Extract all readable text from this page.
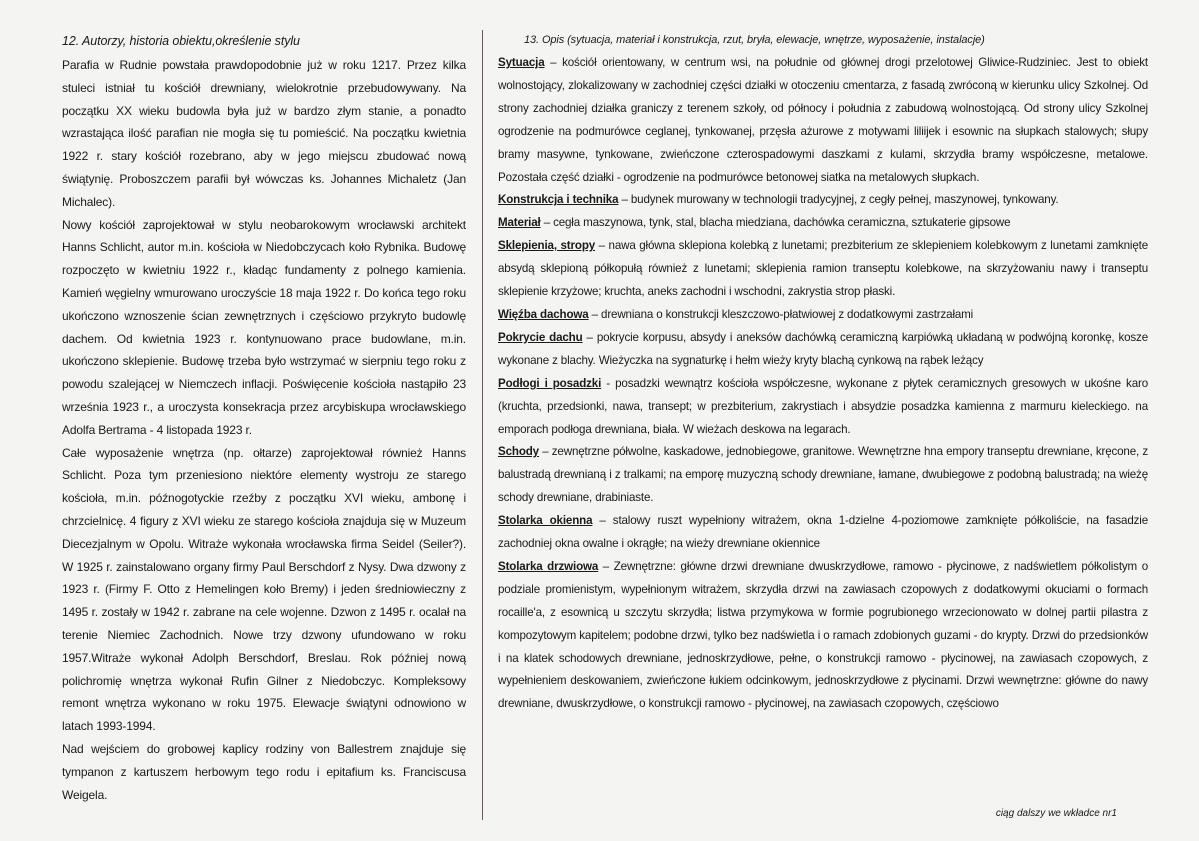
12. Autorzy, historia obiektu,określenie stylu

Parafia w Rudnie powstała prawdopodobnie już w roku 1217. Przez kilka stuleci istniał tu kościół drewniany, wielokrotnie przebudowywany. Na początku XX wieku budowla była już w bardzo złym stanie, a ponadto wzrastająca ilość parafian nie mogła się tu pomieścić. Na początku kwietnia 1922 r. stary kościół rozebrano, aby w jego miejscu zbudować nową świątynię. Proboszczem parafii był wówczas ks. Johannes Michaletz (Jan Michalec).

Nowy kościół zaprojektował w stylu neobarokowym wrocławski architekt Hanns Schlicht, autor m.in. kościoła w Niedobczycach koło Rybnika. Budowę rozpoczęto w kwietniu 1922 r., kładąc fundamenty z polnego kamienia. Kamień węgielny wmurowano uroczyście 18 maja 1922 r. Do końca tego roku ukończono wznoszenie ścian zewnętrznych i częściowo przykryto budowlę dachem. Od kwietnia 1923 r. kontynuowano prace budowlane, m.in. ukończono sklepienie. Budowę trzeba było wstrzymać w sierpniu tego roku z powodu szalejącej w Niemczech inflacji. Poświęcenie kościoła nastąpiło 23 września 1923 r., a uroczysta konsekracja przez arcybiskupa wrocławskiego Adolfa Bertrama - 4 listopada 1923 r.

Całe wyposażenie wnętrza (np. ołtarze) zaprojektował również Hanns Schlicht. Poza tym przeniesiono niektóre elementy wystroju ze starego kościoła, m.in. późnogotyckie rzeźby z początku XVI wieku, ambonę i chrzcielnicę. 4 figury z XVI wieku ze starego kościoła znajduja się w Muzeum Diecezjalnym w Opolu. Witraże wykonała wrocławska firma Seidel (Seiler?). W 1925 r. zainstalowano organy firmy Paul Berschdorf z Nysy. Dwa dzwony z 1923 r. (Firmy F. Otto z Hemelingen koło Bremy) i jeden średniowieczny z 1495 r. zostały w 1942 r. zabrane na cele wojenne. Dzwon z 1495 r. ocalał na terenie Niemiec Zachodnich. Nowe trzy dzwony ufundowano w roku 1957.Witraże wykonał Adolph Berschdorf, Breslau. Rok później nową polichromię wnętrza wykonał Rufin Gilner z Niedobczyc. Kompleksowy remont wnętrza wykonano w roku 1975. Elewacje świątyni odnowiono w latach 1993-1994.

Nad wejściem do grobowej kaplicy rodziny von Ballestrem znajduje się tympanon z kartuszem herbowym tego rodu i epitafium ks. Franciscusa Weigela.

13. Opis (sytuacja, materiał i konstrukcja, rzut, bryła, elewacje, wnętrze, wyposażenie, instalacje)

Sytuacja – kościół orientowany, w centrum wsi, na południe od głównej drogi przelotowej Gliwice-Rudziniec. Jest to obiekt wolnostojący, zlokalizowany w zachodniej części działki w otoczeniu cmentarza, z fasadą zwróconą w kierunku ulicy Szkolnej. Od strony zachodniej działka graniczy z terenem szkoły, od północy i południa z zabudową wolnostojącą. Od strony ulicy Szkolnej ogrodzenie na podmurówce ceglanej, tynkowanej, przęsła ażurowe z motywami liliijek i esownic na słupkach stalowych; słupy bramy masywne, tynkowane, zwieńczone czterospadowymi daszkami z kulami, skrzydła bramy współczesne, metalowe. Pozostała część działki - ogrodzenie na podmurówce betonowej siatka na metalowych słupkach.

Konstrukcja i technika – budynek murowany w technologii tradycyjnej, z cegły pełnej, maszynowej, tynkowany.

Materiał – cegła maszynowa, tynk, stal, blacha miedziana, dachówka ceramiczna, sztukaterie gipsowe

Sklepienia, stropy – nawa główna sklepiona kolebką z lunetami; prezbiterium ze sklepieniem kolebkowym z lunetami zamknięte absydą sklepioną półkopułą również z lunetami; sklepienia ramion transeptu kolebkowe, na skrzyżowaniu nawy i transeptu sklepienie krzyżowe; kruchta, aneks zachodni i wschodni, zakrystia strop płaski.

Więźba dachowa – drewniana o konstrukcji kleszczowo-płatwiowej z dodatkowymi zastrzałami

Pokrycie dachu – pokrycie korpusu, absydy i aneksów dachówką ceramiczną karpiówką układaną w podwójną koronkę, kosze wykonane z blachy. Wieżyczka na sygnaturkę i hełm wieży kryty blachą cynkową na rąbek leżący

Podłogi i posadzki - posadzki wewnątrz kościoła współczesne, wykonane z płytek ceramicznych gresowych w ukośne karo (kruchta, przedsionki, nawa, transept; w prezbiterium, zakrystiach i absydzie posadzka kamienna z marmuru kieleckiego. na emporach podłoga drewniana, biała. W wieżach deskowa na legarach.

Schody – zewnętrzne półwolne, kaskadowe, jednobiegowe, granitowe. Wewnętrzne hna empory transeptu drewniane, kręcone, z balustradą drewnianą i z tralkami; na emporę muzyczną schody drewniane, łamane, dwubiegowe z podobną balustradą; na wieżę schody drewniane, drabiniaste.

Stolarka okienna – stalowy ruszt wypełniony witrażem, okna 1-dzielne 4-poziomowe zamknięte półkoliście, na fasadzie zachodniej okna owalne i okrągłe; na wieży drewniane okiennice

Stolarka drzwiowa – Zewnętrzne: główne drzwi drewniane dwuskrzydłowe, ramowo - płycinowe, z nadświetlem półkolistym o podziale promienistym, wypełnionym witrażem, skrzydła drzwi na zawiasach czopowych z dodatkowymi okuciami o formach rocaille'a, z esownicą u szczytu skrzydła; listwa przymykowa w formie pogrubionego wrzecionowato w dolnej partii pilastra z kompozytowym kapitelem; podobne drzwi, tylko bez nadświetla i o ramach zdobionych guzami - do krypty. Drzwi do przedsionków i na klatek schodowych drewniane, jednoskrzydłowe, pełne, o konstrukcji ramowo - płycinowej, na zawiasach czopowych, z wypełnieniem deskowaniem, zwieńczone łukiem odcinkowym, jednoskrzydłowe z płycinami. Drzwi wewnętrzne: główne do nawy drewniane, dwuskrzydłowe, o konstrukcji ramowo - płycinowej, na zawiasach czopowych, częściowo

ciąg dalszy we wkładce nr1
